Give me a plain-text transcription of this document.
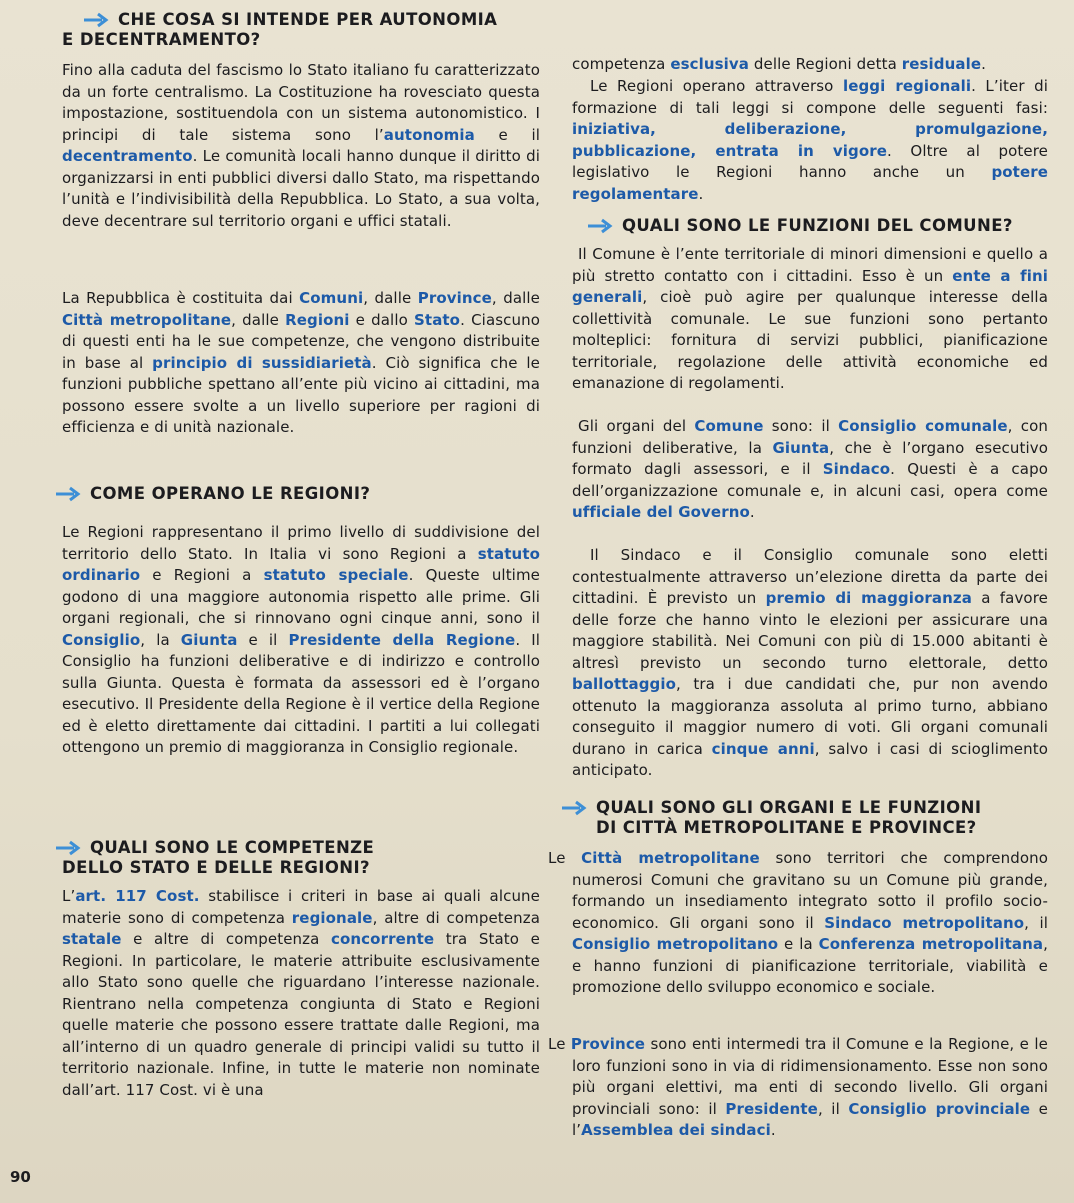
CHE COSA SI INTENDE PER AUTONOMIA
E DECENTRAMENTO?

Fino alla caduta del fascismo lo Stato italiano fu caratterizzato da un forte centralismo. La Costituzione ha rovesciato questa impostazione, sostituendola con un sistema autonomistico. I principi di tale sistema sono l’autonomia e il decentramento. Le comunità locali hanno dunque il diritto di organizzarsi in enti pubblici diversi dallo Stato, ma rispettando l’unità e l’indivisibilità della Repubblica. Lo Stato, a sua volta, deve decentrare sul territorio organi e uffici statali.

La Repubblica è costituita dai Comuni, dalle Province, dalle Città metropolitane, dalle Regioni e dallo Stato. Ciascuno di questi enti ha le sue competenze, che vengono distribuite in base al principio di sussidiarietà. Ciò significa che le funzioni pubbliche spettano all’ente più vicino ai cittadini, ma possono essere svolte a un livello superiore per ragioni di efficienza e di unità nazionale.

COME OPERANO LE REGIONI?

Le Regioni rappresentano il primo livello di suddivisione del territorio dello Stato. In Italia vi sono Regioni a statuto ordinario e Regioni a statuto speciale. Queste ultime godono di una maggiore autonomia rispetto alle prime. Gli organi regionali, che si rinnovano ogni cinque anni, sono il Consiglio, la Giunta e il Presidente della Regione. Il Consiglio ha funzioni deliberative e di indirizzo e controllo sulla Giunta. Questa è formata da assessori ed è l’organo esecutivo. Il Presidente della Regione è il vertice della Regione ed è eletto direttamente dai cittadini. I partiti a lui collegati ottengono un premio di maggioranza in Consiglio regionale.

QUALI SONO LE COMPETENZE
DELLO STATO E DELLE REGIONI?

L’art. 117 Cost. stabilisce i criteri in base ai quali alcune materie sono di competenza regionale, altre di competenza statale e altre di competenza concorrente tra Stato e Regioni. In particolare, le materie attribuite esclusivamente allo Stato sono quelle che riguardano l’interesse nazionale. Rientrano nella competenza congiunta di Stato e Regioni quelle materie che possono essere trattate dalle Regioni, ma all’interno di un quadro generale di principi validi su tutto il territorio nazionale. Infine, in tutte le materie non nominate dall’art. 117 Cost. vi è una

competenza esclusiva delle Regioni detta residuale.

Le Regioni operano attraverso leggi regionali. L’iter di formazione di tali leggi si compone delle seguenti fasi: iniziativa, deliberazione, promulgazione, pubblicazione, entrata in vigore. Oltre al potere legislativo le Regioni hanno anche un potere regolamentare.

QUALI SONO LE FUNZIONI DEL COMUNE?

Il Comune è l’ente territoriale di minori dimensioni e quello a più stretto contatto con i cittadini. Esso è un ente a fini generali, cioè può agire per qualunque interesse della collettività comunale. Le sue funzioni sono pertanto molteplici: fornitura di servizi pubblici, pianificazione territoriale, regolazione delle attività economiche ed emanazione di regolamenti.

Gli organi del Comune sono: il Consiglio comunale, con funzioni deliberative, la Giunta, che è l’organo esecutivo formato dagli assessori, e il Sindaco. Questi è a capo dell’organizzazione comunale e, in alcuni casi, opera come ufficiale del Governo.

Il Sindaco e il Consiglio comunale sono eletti contestualmente attraverso un’elezione diretta da parte dei cittadini. È previsto un premio di maggioranza a favore delle forze che hanno vinto le elezioni per assicurare una maggiore stabilità. Nei Comuni con più di 15.000 abitanti è altresì previsto un secondo turno elettorale, detto ballottaggio, tra i due candidati che, pur non avendo ottenuto la maggioranza assoluta al primo turno, abbiano conseguito il maggior numero di voti. Gli organi comunali durano in carica cinque anni, salvo i casi di scioglimento anticipato.

QUALI SONO GLI ORGANI E LE FUNZIONI
DI CITTÀ METROPOLITANE E PROVINCE?

Le Città metropolitane sono territori che comprendono numerosi Comuni che gravitano su un Comune più grande, formando un insediamento integrato sotto il profilo socio-economico. Gli organi sono il Sindaco metropolitano, il Consiglio metropolitano e la Conferenza metropolitana, e hanno funzioni di pianificazione territoriale, viabilità e promozione dello sviluppo economico e sociale.

Le Province sono enti intermedi tra il Comune e la Regione, e le loro funzioni sono in via di ridimensionamento. Esse non sono più organi elettivi, ma enti di secondo livello. Gli organi provinciali sono: il Presidente, il Consiglio provinciale e l’Assemblea dei sindaci.

90
